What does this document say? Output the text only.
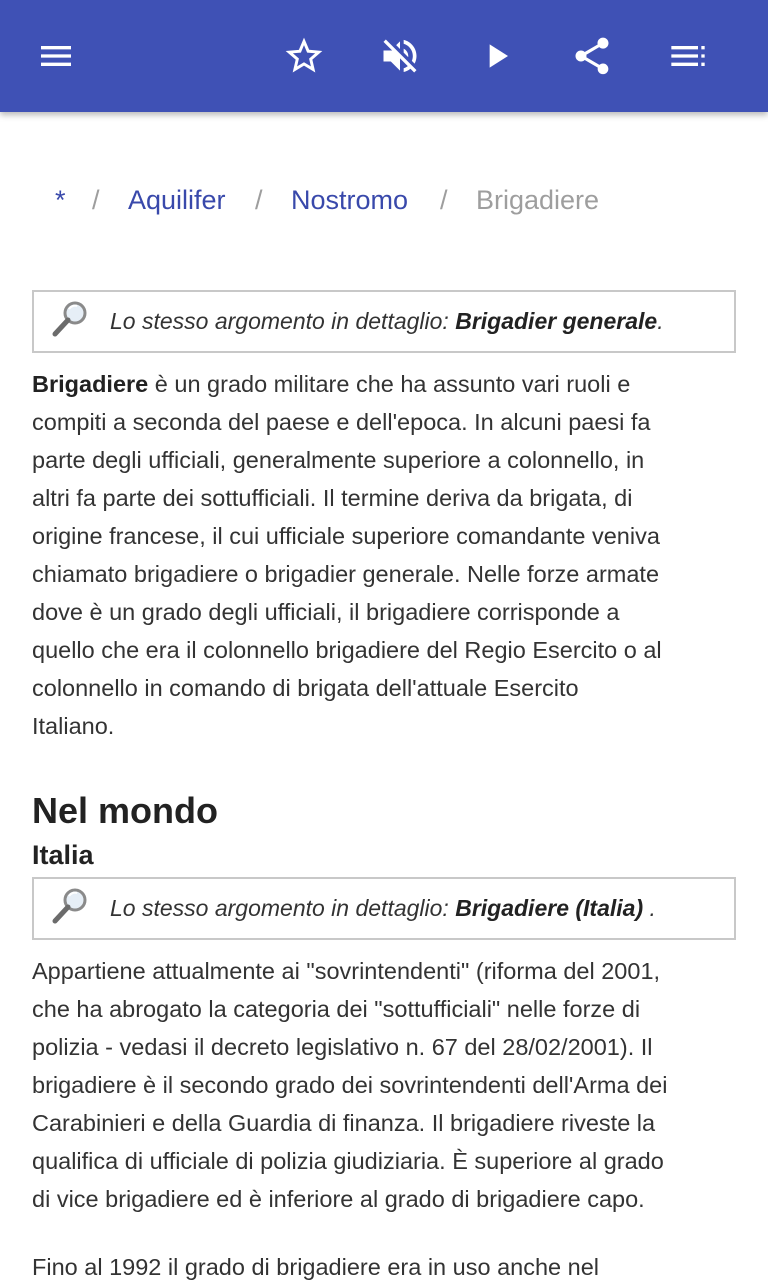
* / Aquilifer / Nostromo / Brigadiere
Lo stesso argomento in dettaglio: Brigadier generale.
Brigadiere è un grado militare che ha assunto vari ruoli e
compiti a seconda del paese e dell'epoca. In alcuni paesi fa
parte degli ufficiali, generalmente superiore a colonnello, in
altri fa parte dei sottufficiali. Il termine deriva da brigata, di
origine francese, il cui ufficiale superiore comandante veniva
chiamato brigadiere o brigadier generale. Nelle forze armate
dove è un grado degli ufficiali, il brigadiere corrisponde a
quello che era il colonnello brigadiere del Regio Esercito o al
colonnello in comando di brigata dell'attuale Esercito
Italiano.
Nel mondo
Italia
Lo stesso argomento in dettaglio: Brigadiere (Italia) .
Appartiene attualmente ai "sovrintendenti" (riforma del 2001,
che ha abrogato la categoria dei "sottufficiali" nelle forze di
polizia - vedasi il decreto legislativo n. 67 del 28/02/2001). Il
brigadiere è il secondo grado dei sovrintendenti dell'Arma dei
Carabinieri e della Guardia di finanza. Il brigadiere riveste la
qualifica di ufficiale di polizia giudiziaria. È superiore al grado
di vice brigadiere ed è inferiore al grado di brigadiere capo.
Fino al 1992 il grado di brigadiere era in uso anche nel
